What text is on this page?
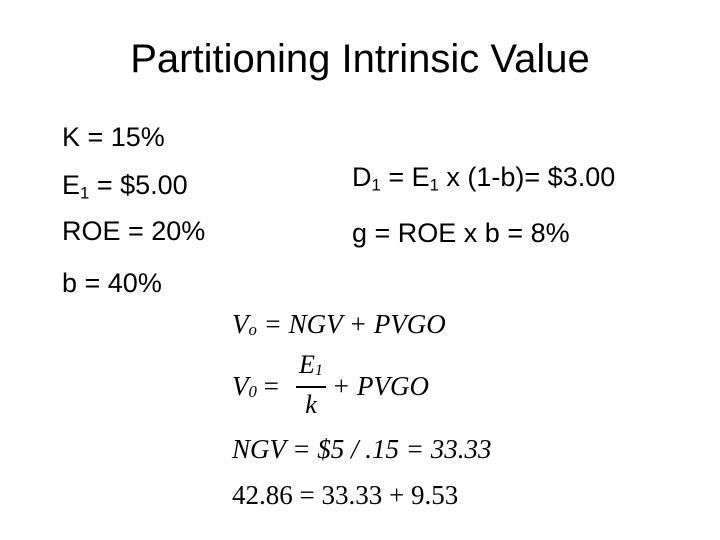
Partitioning Intrinsic Value
K = 15%
$E_1$ = $5.00
ROE = 20%
b = 40%
$D_1 = E_1$ x (1-b)= $3.00
g = ROE x b = 8%
Vo = NGV + PVGO
V0 =
E1
k
+ PVGO
NGV = $5 / .15 = 33.33
42.86 = 33.33 + 9.53
